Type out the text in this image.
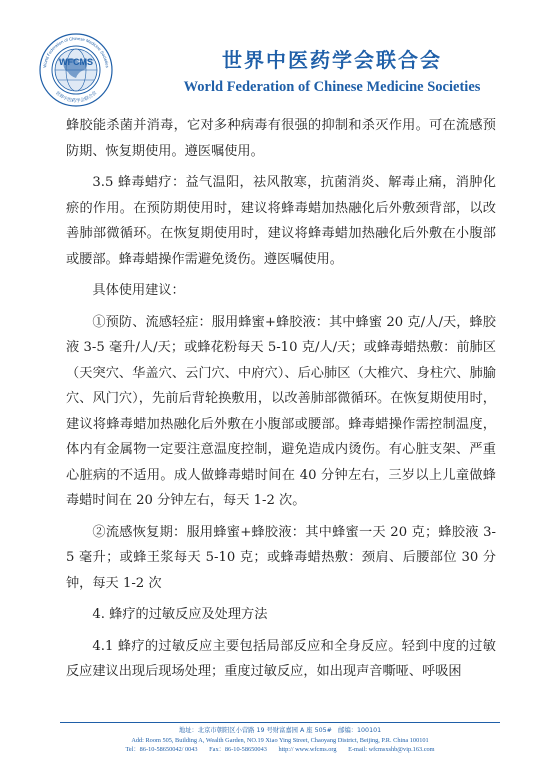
WFCMS
World Federation of Chinese Medicine Societies
世界中医药学会联合会
世界中医药学会联合会
World Federation of Chinese Medicine Societies

蜂胶能杀菌并消毒，它对多种病毒有很强的抑制和杀灭作用。可在流感预防期、恢复期使用。遵医嘱使用。

3.5 蜂毒蜡疗：益气温阳，祛风散寒，抗菌消炎、解毒止痛，消肿化瘀的作用。在预防期使用时，建议将蜂毒蜡加热融化后外敷颈背部，以改善肺部微循环。在恢复期使用时，建议将蜂毒蜡加热融化后外敷在小腹部或腰部。蜂毒蜡操作需避免烫伤。遵医嘱使用。

具体使用建议：

①预防、流感轻症：服用蜂蜜+蜂胶液：其中蜂蜜 20 克/人/天，蜂胶液 3-5 毫升/人/天；或蜂花粉每天 5-10 克/人/天；或蜂毒蜡热敷：前肺区（天突穴、华盖穴、云门穴、中府穴）、后心肺区（大椎穴、身柱穴、肺腧穴、风门穴），先前后背轮换敷用，以改善肺部微循环。在恢复期使用时，建议将蜂毒蜡加热融化后外敷在小腹部或腰部。蜂毒蜡操作需控制温度，体内有金属物一定要注意温度控制，避免造成内烫伤。有心脏支架、严重心脏病的不适用。成人做蜂毒蜡时间在 40 分钟左右，三岁以上儿童做蜂毒蜡时间在 20 分钟左右，每天 1-2 次。

②流感恢复期：服用蜂蜜+蜂胶液：其中蜂蜜一天 20 克；蜂胶液 3-5 毫升；或蜂王浆每天 5-10 克；或蜂毒蜡热敷：颈肩、后腰部位 30 分钟，每天 1-2 次

4. 蜂疗的过敏反应及处理方法

4.1 蜂疗的过敏反应主要包括局部反应和全身反应。轻到中度的过敏反应建议出现后现场处理；重度过敏反应，如出现声音嘶哑、呼吸困

地址：北京市朝阳区小营路 19 号财富嘉园 A 座 505#　邮编：100101
Add: Room 505, Building A, Wealth Garden, NO.19 Xiao Ying Street, Chaoyang District, Beijing, P.R. China 100101
Tel：86-10-58650042/ 0043 Fax：86-10-58650043 http:// www.wfcms.org E-mail: wfcmsxshb@vip.163.com
